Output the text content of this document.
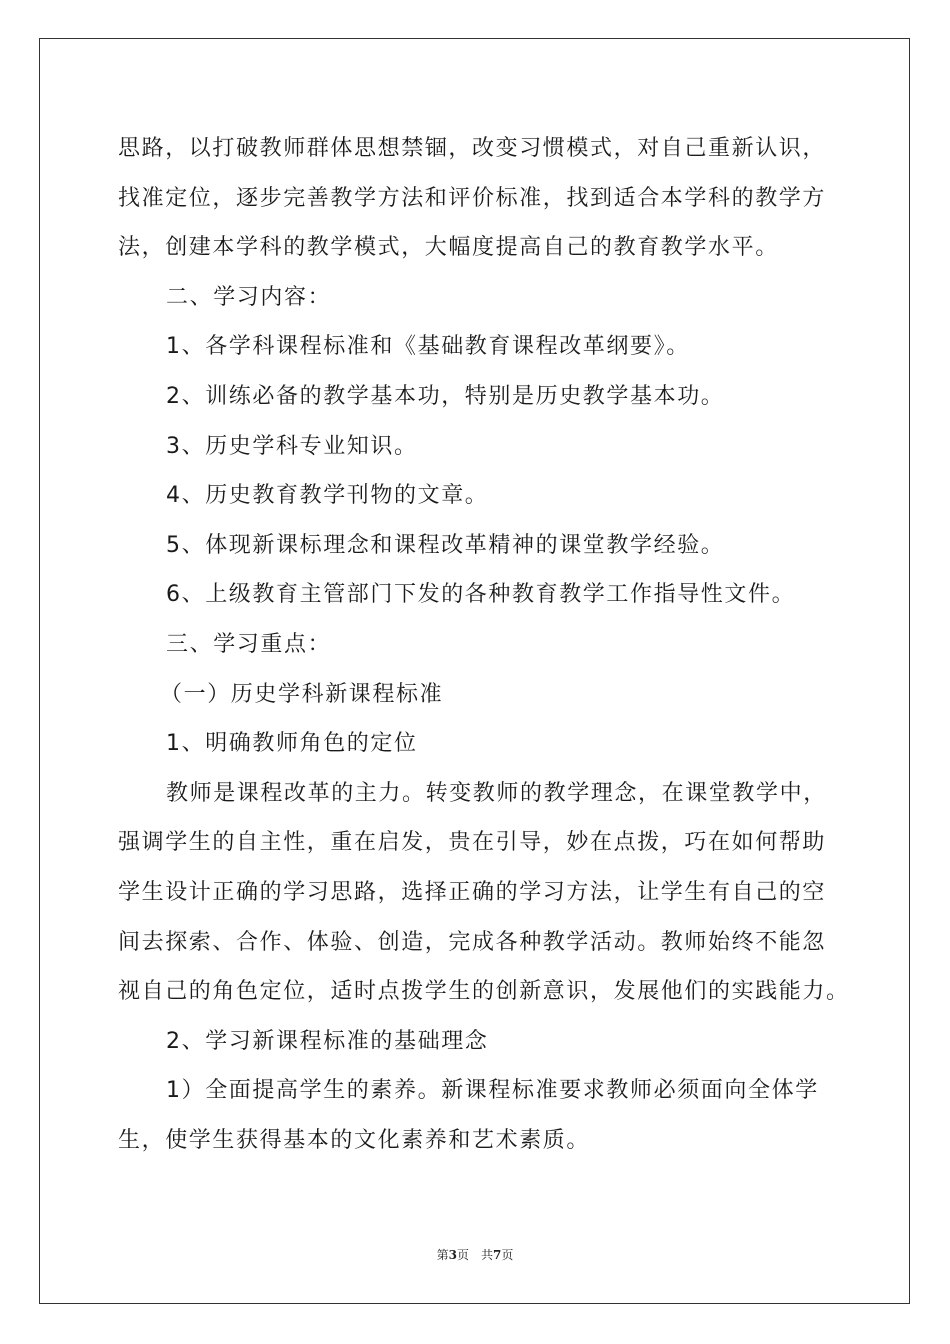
思路，以打破教师群体思想禁锢，改变习惯模式，对自己重新认识，
找准定位，逐步完善教学方法和评价标准，找到适合本学科的教学方
法，创建本学科的教学模式，大幅度提高自己的教育教学水平。
二、学习内容：
1、各学科课程标准和《基础教育课程改革纲要》。
2、训练必备的教学基本功，特别是历史教学基本功。
3、历史学科专业知识。
4、历史教育教学刊物的文章。
5、体现新课标理念和课程改革精神的课堂教学经验。
6、上级教育主管部门下发的各种教育教学工作指导性文件。
三、学习重点：
（一）历史学科新课程标准
1、明确教师角色的定位
教师是课程改革的主力。转变教师的教学理念，在课堂教学中，
强调学生的自主性，重在启发，贵在引导，妙在点拨，巧在如何帮助
学生设计正确的学习思路，选择正确的学习方法，让学生有自己的空
间去探索、合作、体验、创造，完成各种教学活动。教师始终不能忽
视自己的角色定位，适时点拨学生的创新意识，发展他们的实践能力。
2、学习新课程标准的基础理念
1）全面提高学生的素养。新课程标准要求教师必须面向全体学
生，使学生获得基本的文化素养和艺术素质。
第3页 共7页
